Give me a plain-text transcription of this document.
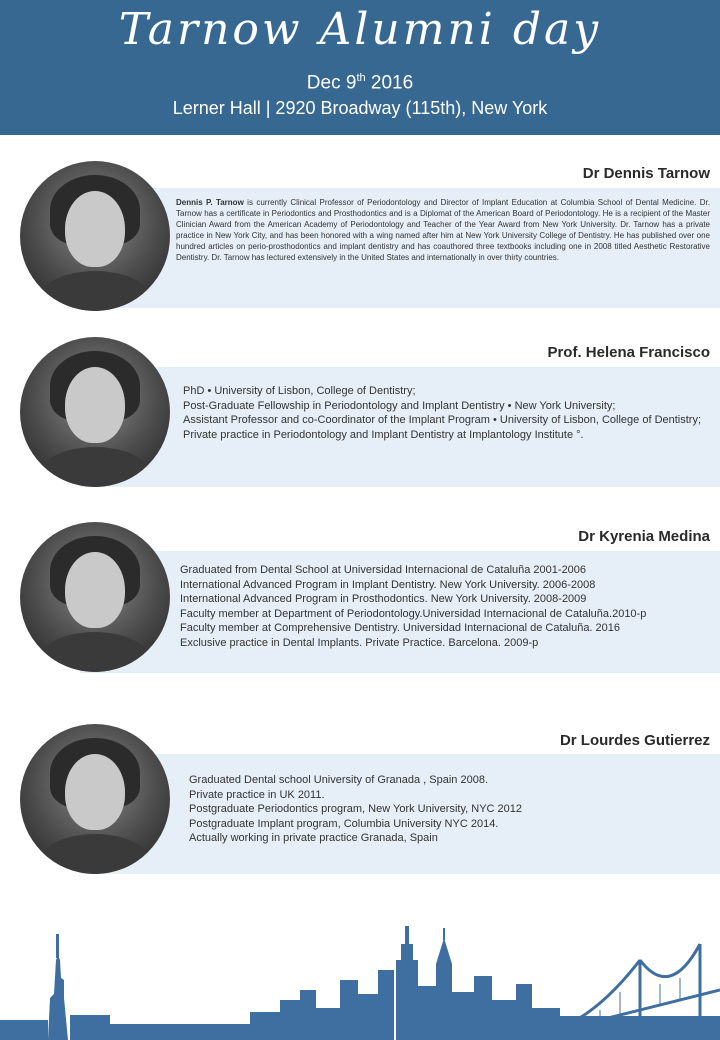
Tarnow Alumni day
Dec 9th 2016
Lerner Hall | 2920 Broadway (115th), New York
Dr Dennis Tarnow
Dennis P. Tarnow is currently Clinical Professor of Periodontology and Director of Implant Education at Columbia School of Dental Medicine. Dr. Tarnow has a certificate in Periodontics and Prosthodontics and is a Diplomat of the American Board of Periodontology. He is a recipient of the Master Clinician Award from the American Academy of Periodontology and Teacher of the Year Award from New York University. Dr. Tarnow has a private practice in New York City, and has been honored with a wing named after him at New York University College of Dentistry. He has published over one hundred articles on perio-prosthodontics and implant dentistry and has coauthored three textbooks including one in 2008 titled Aesthetic Restorative Dentistry. Dr. Tarnow has lectured extensively in the United States and internationally in over thirty countries.
Prof. Helena Francisco
PhD • University of Lisbon, College of Dentistry;
Post-Graduate Fellowship in Periodontology and Implant Dentistry • New York University;
Assistant Professor and co-Coordinator of the Implant Program • University of Lisbon, College of Dentistry;
Private practice in Periodontology and Implant Dentistry at Implantology Institute °.
Dr Kyrenia Medina
Graduated from Dental School at Universidad Internacional de Cataluña 2001-2006
International Advanced Program in Implant Dentistry. New York University. 2006-2008
International Advanced Program in Prosthodontics. New York University. 2008-2009
Faculty member at Department of Periodontology.Universidad Internacional de Cataluña.2010-p
Faculty member at Comprehensive Dentistry. Universidad Internacional de Cataluña. 2016
Exclusive practice in Dental Implants. Private Practice. Barcelona. 2009-p
Dr Lourdes Gutierrez
Graduated Dental school University of Granada , Spain 2008.
Private practice in UK 2011.
Postgraduate Periodontics program, New York University, NYC 2012
Postgraduate Implant program, Columbia University NYC 2014.
Actually working in private practice Granada, Spain
